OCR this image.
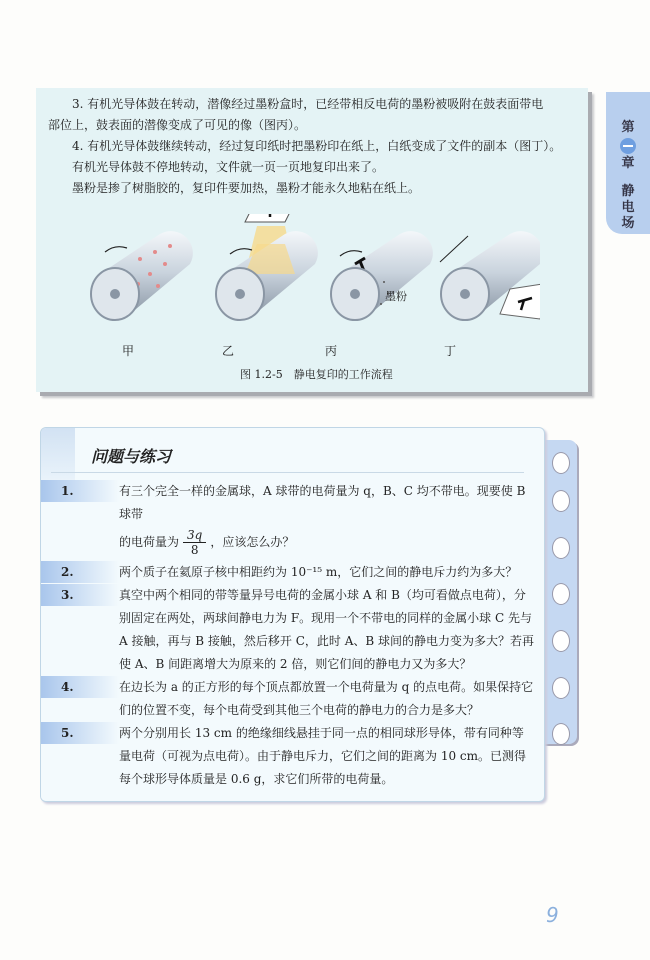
第
章
静
电
场

3. 有机光导体鼓在转动，潜像经过墨粉盒时，已经带相反电荷的墨粉被吸附在鼓表面带电

部位上，鼓表面的潜像变成了可见的像（图丙）。

4. 有机光导体鼓继续转动，经过复印纸时把墨粉印在纸上，白纸变成了文件的副本（图丁）。

有机光导体鼓不停地转动，文件就一页一页地复印出来了。

墨粉是掺了树脂胶的，复印件要加热，墨粉才能永久地粘在纸上。

墨粉
甲	乙	丙	丁
图 1.2-5　静电复印的工作流程
问题与练习
1.	有三个完全一样的金属球，A 球带的电荷量为 q，B、C 均不带电。现要使 B 球带
的电荷量为 $\frac{3q}{8}$ ，应该怎么办？
2.	两个质子在氦原子核中相距约为 10⁻¹⁵ m，它们之间的静电斥力约为多大？
3.	真空中两个相同的带等量异号电荷的金属小球 A 和 B（均可看做点电荷），分别固定在两处，两球间静电力为 F。现用一个不带电的同样的金属小球 C 先与 A 接触，再与 B 接触，然后移开 C，此时 A、B 球间的静电力变为多大？若再使 A、B 间距离增大为原来的 2 倍，则它们间的静电力又为多大？
4.	在边长为 a 的正方形的每个顶点都放置一个电荷量为 q 的点电荷。如果保持它们的位置不变，每个电荷受到其他三个电荷的静电力的合力是多大？
5.	两个分别用长 13 cm 的绝缘细线悬挂于同一点的相同球形导体，带有同种等量电荷（可视为点电荷）。由于静电斥力，它们之间的距离为 10 cm。已测得每个球形导体质量是 0.6 g，求它们所带的电荷量。
9
